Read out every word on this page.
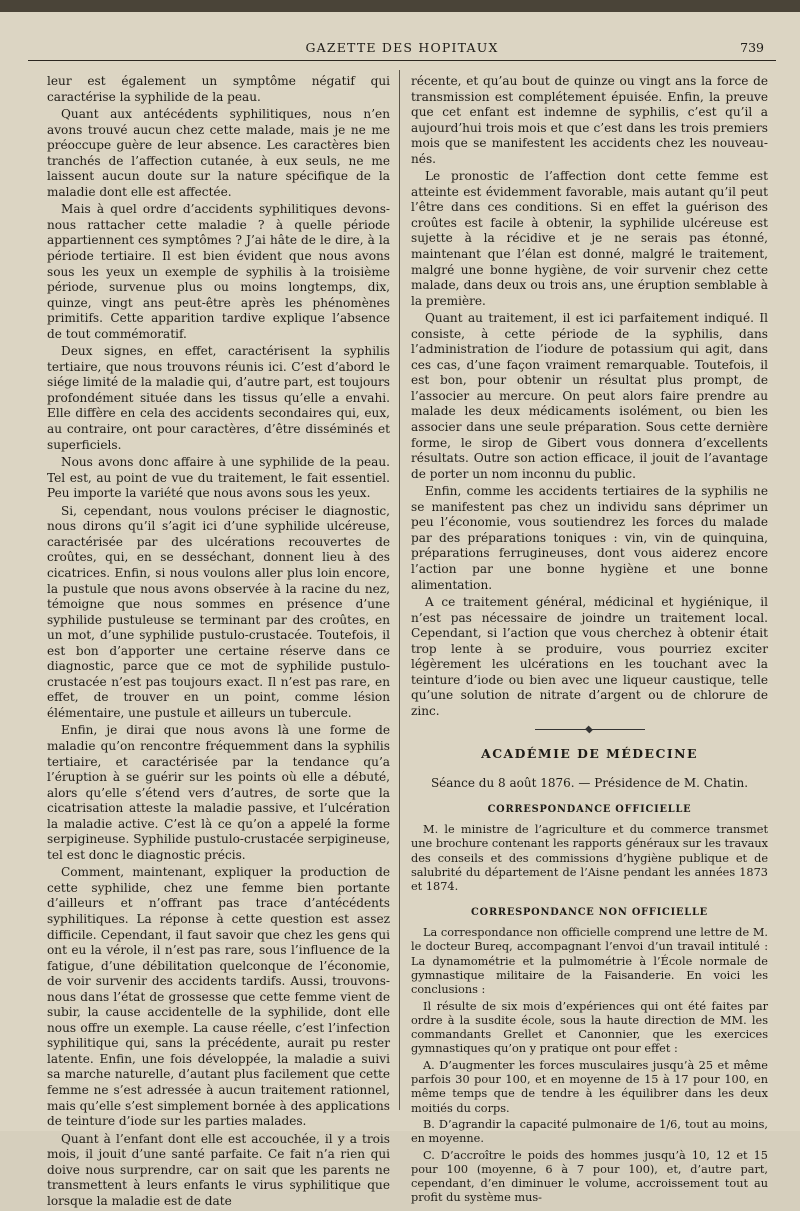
GAZETTE DES HOPITAUX	739

leur est également un symptôme négatif qui caractérise la syphilide de la peau.

Quant aux antécédents syphilitiques, nous n’en avons trouvé aucun chez cette malade, mais je ne me préoccupe guère de leur absence. Les caractères bien tranchés de l’affection cutanée, à eux seuls, ne me laissent aucun doute sur la nature spécifique de la maladie dont elle est affectée.

Mais à quel ordre d’accidents syphilitiques devons-nous rattacher cette maladie ? à quelle période appartiennent ces symptômes ? J’ai hâte de le dire, à la période tertiaire. Il est bien évident que nous avons sous les yeux un exemple de syphilis à la troisième période, survenue plus ou moins longtemps, dix, quinze, vingt ans peut-être après les phénomènes primitifs. Cette apparition tardive explique l’absence de tout commémoratif.

Deux signes, en effet, caractérisent la syphilis tertiaire, que nous trouvons réunis ici. C’est d’abord le siége limité de la maladie qui, d’autre part, est toujours profondément située dans les tissus qu’elle a envahi. Elle diffère en cela des accidents secondaires qui, eux, au contraire, ont pour caractères, d’être disséminés et superficiels.

Nous avons donc affaire à une syphilide de la peau. Tel est, au point de vue du traitement, le fait essentiel. Peu importe la variété que nous avons sous les yeux.

Si, cependant, nous voulons préciser le diagnostic, nous dirons qu’il s’agit ici d’une syphilide ulcéreuse, caractérisée par des ulcérations recouvertes de croûtes, qui, en se desséchant, donnent lieu à des cicatrices. Enfin, si nous voulons aller plus loin encore, la pustule que nous avons observée à la racine du nez, témoigne que nous sommes en présence d’une syphilide pustuleuse se terminant par des croûtes, en un mot, d’une syphilide pustulo-crustacée. Toutefois, il est bon d’apporter une certaine réserve dans ce diagnostic, parce que ce mot de syphilide pustulo-crustacée n’est pas toujours exact. Il n’est pas rare, en effet, de trouver en un point, comme lésion élémentaire, une pustule et ailleurs un tubercule.

Enfin, je dirai que nous avons là une forme de maladie qu’on rencontre fréquemment dans la syphilis tertiaire, et caractérisée par la tendance qu’a l’éruption à se guérir sur les points où elle a débuté, alors qu’elle s’étend vers d’autres, de sorte que la cicatrisation atteste la maladie passive, et l’ulcération la maladie active. C’est là ce qu’on a appelé la forme serpigineuse. Syphilide pustulo-crustacée serpigineuse, tel est donc le diagnostic précis.

Comment, maintenant, expliquer la production de cette syphilide, chez une femme bien portante d’ailleurs et n’offrant pas trace d’antécédents syphilitiques. La réponse à cette question est assez difficile. Cependant, il faut savoir que chez les gens qui ont eu la vérole, il n’est pas rare, sous l’influence de la fatigue, d’une débilitation quelconque de l’économie, de voir survenir des accidents tardifs. Aussi, trouvons-nous dans l’état de grossesse que cette femme vient de subir, la cause accidentelle de la syphilide, dont elle nous offre un exemple. La cause réelle, c’est l’infection syphilitique qui, sans la précédente, aurait pu rester latente. Enfin, une fois développée, la maladie a suivi sa marche naturelle, d’autant plus facilement que cette femme ne s’est adressée à aucun traitement rationnel, mais qu’elle s’est simplement bornée à des applications de teinture d’iode sur les parties malades.

Quant à l’enfant dont elle est accouchée, il y a trois mois, il jouit d’une santé parfaite. Ce fait n’a rien qui doive nous surprendre, car on sait que les parents ne transmettent à leurs enfants le virus syphilitique que lorsque la maladie est de date

récente, et qu’au bout de quinze ou vingt ans la force de transmission est complétement épuisée. Enfin, la preuve que cet enfant est indemne de syphilis, c’est qu’il a aujourd’hui trois mois et que c’est dans les trois premiers mois que se manifestent les accidents chez les nouveau-nés.

Le pronostic de l’affection dont cette femme est atteinte est évidemment favorable, mais autant qu’il peut l’être dans ces conditions. Si en effet la guérison des croûtes est facile à obtenir, la syphilide ulcéreuse est sujette à la récidive et je ne serais pas étonné, maintenant que l’élan est donné, malgré le traitement, malgré une bonne hygiène, de voir survenir chez cette malade, dans deux ou trois ans, une éruption semblable à la première.

Quant au traitement, il est ici parfaitement indiqué. Il consiste, à cette période de la syphilis, dans l’administration de l’iodure de potassium qui agit, dans ces cas, d’une façon vraiment remarquable. Toutefois, il est bon, pour obtenir un résultat plus prompt, de l’associer au mercure. On peut alors faire prendre au malade les deux médicaments isolément, ou bien les associer dans une seule préparation. Sous cette dernière forme, le sirop de Gibert vous donnera d’excellents résultats. Outre son action efficace, il jouit de l’avantage de porter un nom inconnu du public.

Enfin, comme les accidents tertiaires de la syphilis ne se manifestent pas chez un individu sans déprimer un peu l’économie, vous soutiendrez les forces du malade par des préparations toniques : vin, vin de quinquina, préparations ferrugineuses, dont vous aiderez encore l’action par une bonne hygiène et une bonne alimentation.

A ce traitement général, médicinal et hygiénique, il n’est pas nécessaire de joindre un traitement local. Cependant, si l’action que vous cherchez à obtenir était trop lente à se produire, vous pourriez exciter légèrement les ulcérations en les touchant avec la teinture d’iode ou bien avec une liqueur caustique, telle qu’une solution de nitrate d’argent ou de chlorure de zinc.

ACADÉMIE DE MÉDECINE
Séance du 8 août 1876. — Présidence de M. Chatin.
CORRESPONDANCE OFFICIELLE

M. le ministre de l’agriculture et du commerce transmet une brochure contenant les rapports généraux sur les travaux des conseils et des commissions d’hygiène publique et de salubrité du département de l’Aisne pendant les années 1873 et 1874.

CORRESPONDANCE NON OFFICIELLE

La correspondance non officielle comprend une lettre de M. le docteur Bureq, accompagnant l’envoi d’un travail intitulé : La dynamométrie et la pulmométrie à l’École normale de gymnastique militaire de la Faisanderie. En voici les conclusions :

Il résulte de six mois d’expériences qui ont été faites par ordre à la susdite école, sous la haute direction de MM. les commandants Grellet et Canonnier, que les exercices gymnastiques qu’on y pratique ont pour effet :

A. D’augmenter les forces musculaires jusqu’à 25 et même parfois 30 pour 100, et en moyenne de 15 à 17 pour 100, en même temps que de tendre à les équilibrer dans les deux moitiés du corps.

B. D’agrandir la capacité pulmonaire de 1/6, tout au moins, en moyenne.

C. D’accroître le poids des hommes jusqu’à 10, 12 et 15 pour 100 (moyenne, 6 à 7 pour 100), et, d’autre part, cependant, d’en diminuer le volume, accroissement tout au profit du système mus-
